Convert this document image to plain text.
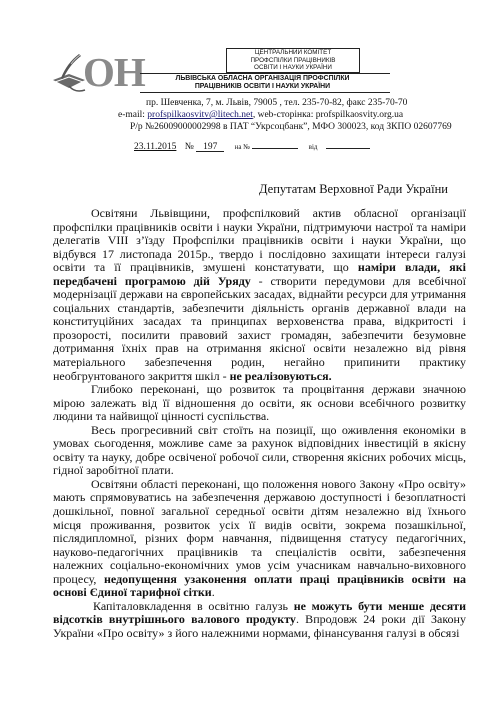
ОН	ЦЕНТРАЛЬНИЙ КОМІТЕТ
ПРОФСПІЛКИ ПРАЦІВНИКІВ
ОСВІТИ І НАУКИ УКРАЇНИ
ЛЬВІВСЬКА ОБЛАСНА ОРГАНІЗАЦІЯ ПРОФСПІЛКИ
ПРАЦІВНИКІВ ОСВІТИ І НАУКИ УКРАЇНИ
пр. Шевченка, 7, м. Львів, 79005 , тел. 235-70-82, факс 235-70-70
e-mail: profspilkaosvitv@litech.net, web-сторінка: profspilkaosvity.org.ua
Р/р №26009000002998 в ПАТ “Укрсоцбанк”, МФО 300023, код ЗКПО 02607769
23.11.2015 № 197 на №	від
Депутатам Верховної Ради України

Освітяни Львівщини, профспілковий актив обласної організації профспілки працівників освіти і науки України, підтримуючи настрої та наміри делегатів VIII з’їзду Профспілки працівників освіти і науки України, що відбувся 17 листопада 2015р., твердо і послідовно захищати інтереси галузі освіти та її працівників, змушені констатувати, що наміри влади, які передбачені програмою дій Уряду - створити передумови для всебічної модернізації держави на європейських засадах, віднайти ресурси для утримання соціальних стандартів, забезпечити діяльність органів державної влади на конституційних засадах та принципах верховенства права, відкритості і прозорості, посилити правовий захист громадян, забезпечити безумовне дотримання їхніх прав на отримання якісної освіти незалежно від рівня матеріального забезпечення родин, негайно припинити практику необгрунтованого закриття шкіл - не реалізовуються.

Глибоко переконані, що розвиток та процвітання держави значною мірою залежать від її відношення до освіти, як основи всебічного розвитку людини та найвищої цінності суспільства.

Весь прогресивний світ стоїть на позиції, що оживлення економіки в умовах сьогодення, можливе саме за рахунок відповідних інвестицій в якісну освіту та науку, добре освіченої робочої сили, створення якісних робочих місць, гідної заробітної плати.

Освітяни області переконані, що положення нового Закону «Про освіту» мають спрямовуватись на забезпечення державою доступності і безоплатності дошкільної, повної загальної середньої освіти дітям незалежно від їхнього місця проживання, розвиток усіх її видів освіти, зокрема позашкільної, післядипломної, різних форм навчання, підвищення статусу педагогічних, науково-педагогічних працівників та спеціалістів освіти, забезпечення належних соціально-економічних умов усім учасникам навчально-виховного процесу, недопущення узаконення оплати праці працівників освіти на основі Єдиної тарифної сітки.

Капіталовкладення в освітню галузь не можуть бути менше десяти відсотків внутрішнього валового продукту. Впродовж 24 роки дії Закону України «Про освіту» з його належними нормами, фінансування галузі в обсязі
